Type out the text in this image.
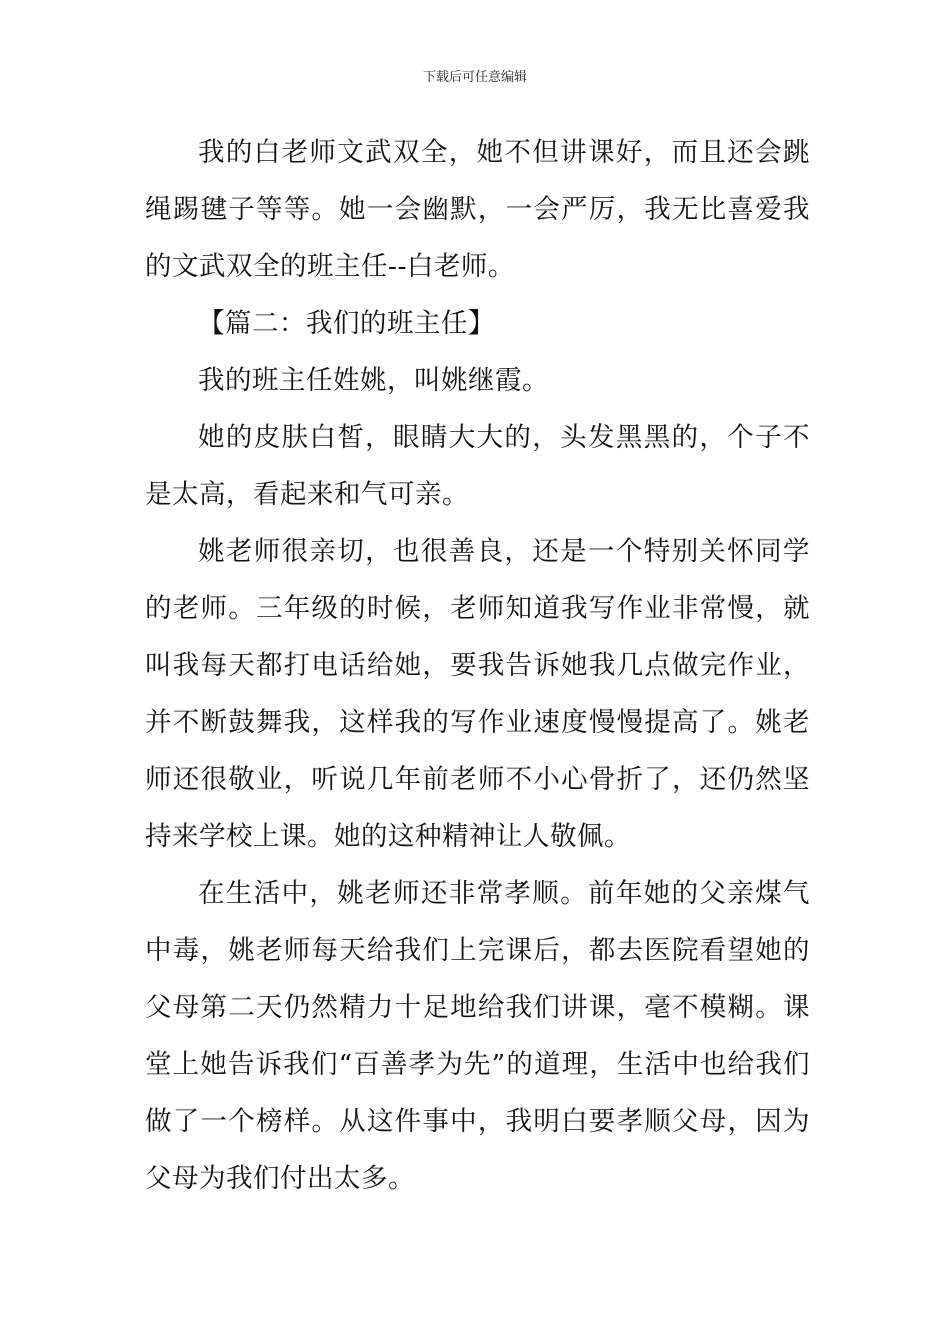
下载后可任意编辑

我的白老师文武双全，她不但讲课好，而且还会跳绳踢毽子等等。她一会幽默，一会严厉，我无比喜爱我的文武双全的班主任--白老师。

【篇二：我们的班主任】

我的班主任姓姚，叫姚继霞。

她的皮肤白皙，眼睛大大的，头发黑黑的，个子不是太高，看起来和气可亲。

姚老师很亲切，也很善良，还是一个特别关怀同学的老师。三年级的时候，老师知道我写作业非常慢，就叫我每天都打电话给她，要我告诉她我几点做完作业，并不断鼓舞我，这样我的写作业速度慢慢提高了。姚老师还很敬业，听说几年前老师不小心骨折了，还仍然坚持来学校上课。她的这种精神让人敬佩。

在生活中，姚老师还非常孝顺。前年她的父亲煤气中毒，姚老师每天给我们上完课后，都去医院看望她的父母第二天仍然精力十足地给我们讲课，毫不模糊。课堂上她告诉我们“百善孝为先”的道理，生活中也给我们做了一个榜样。从这件事中，我明白要孝顺父母，因为父母为我们付出太多。
